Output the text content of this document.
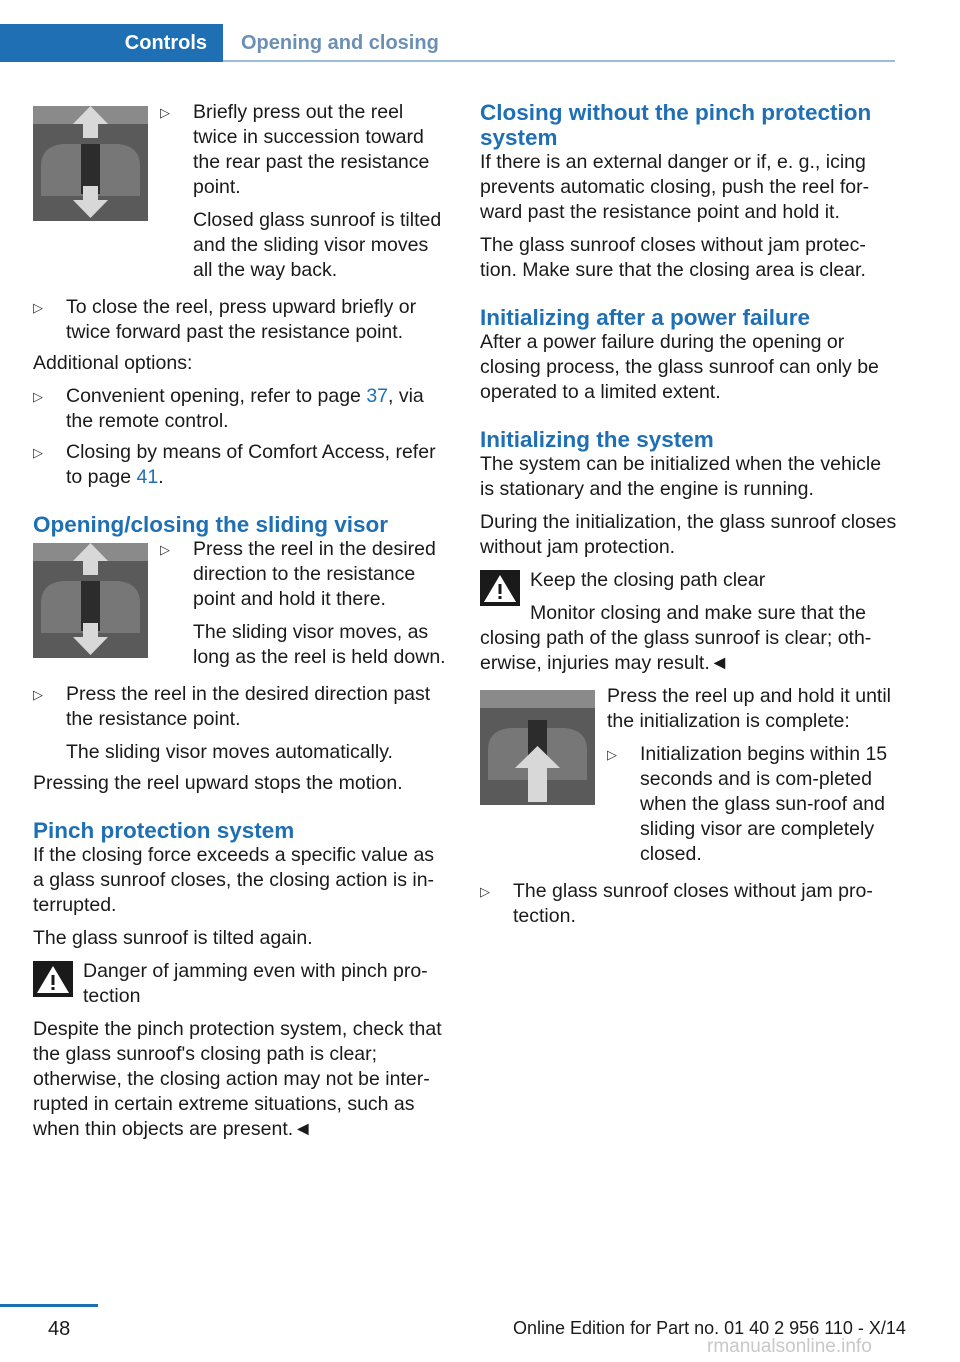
Controls	Opening and closing
▷ Briefly press out the reel twice in succession toward the rear past the resistance point.

Closed glass sunroof is tilted and the sliding visor moves all the way back.

▷ To close the reel, press upward briefly or twice forward past the resistance point.

Additional options:

▷ Convenient opening, refer to page 37, via the remote control.

▷ Closing by means of Comfort Access, refer to page 41.

Opening/closing the sliding visor
▷ Press the reel in the desired direction to the resistance point and hold it there.

The sliding visor moves, as long as the reel is held down.

▷ Press the reel in the desired direction past the resistance point.

The sliding visor moves automatically.

Pressing the reel upward stops the motion.

Pinch protection system

If the closing force exceeds a specific value as a glass sunroof closes, the closing action is in-terrupted.

The glass sunroof is tilted again.

Danger of jamming even with pinch pro-tection

Despite the pinch protection system, check that the glass sunroof's closing path is clear; otherwise, the closing action may not be inter-rupted in certain extreme situations, such as when thin objects are present.◄

Closing without the pinch protection system

If there is an external danger or if, e. g., icing prevents automatic closing, push the reel for-ward past the resistance point and hold it.

The glass sunroof closes without jam protec-tion. Make sure that the closing area is clear.

Initializing after a power failure

After a power failure during the opening or closing process, the glass sunroof can only be operated to a limited extent.

Initializing the system

The system can be initialized when the vehicle is stationary and the engine is running.

During the initialization, the glass sunroof closes without jam protection.

Keep the closing path clear

Monitor closing and make sure that the

closing path of the glass sunroof is clear; oth-erwise, injuries may result.◄

Press the reel up and hold it until the initialization is complete:

▷ Initialization begins within 15 seconds and is com-pleted when the glass sun-roof and sliding visor are completely closed.

▷ The glass sunroof closes without jam pro-tection.

48	Online Edition for Part no. 01 40 2 956 110 - X/14
rmanualsonline.info
